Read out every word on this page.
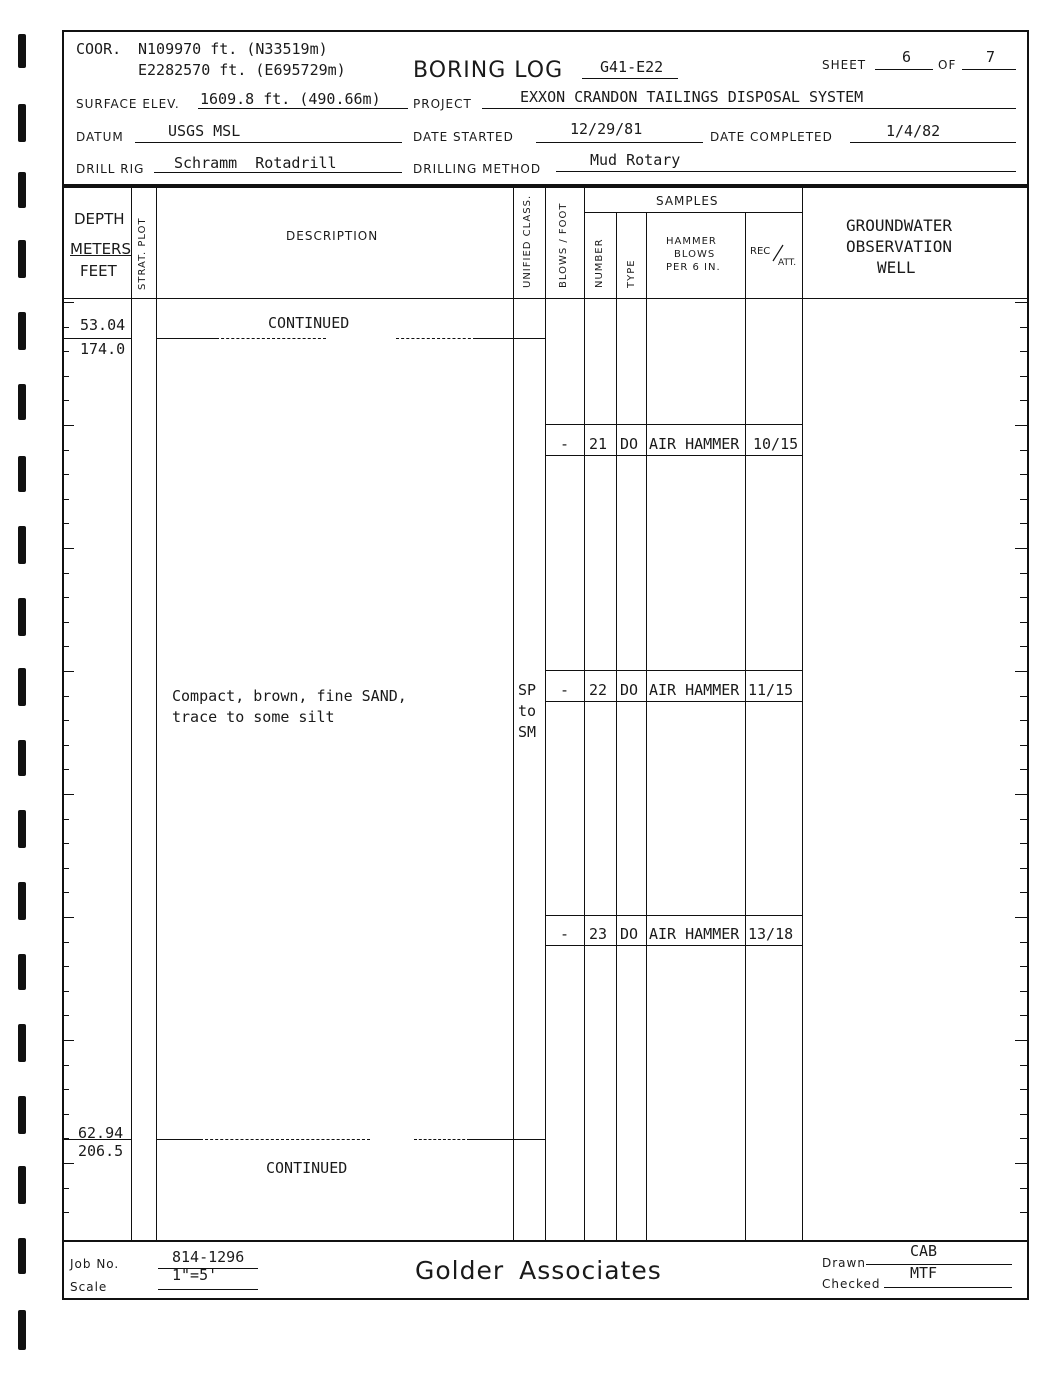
COOR. N109970 ft. (N33519m)
E2282570 ft. (E695729m)	BORING LOG G41-E22	SHEET 6 OF 7
SURFACE ELEV. 1609.8 ft. (490.66m)	PROJECT	EXXON CRANDON TAILINGS DISPOSAL SYSTEM
DATUM	USGS MSL	DATE STARTED	12/29/81	DATE COMPLETED	1/4/82
DRILL RIG Schramm  Rotadrill	DRILLING METHOD	Mud Rotary
DEPTH
METERS
FEET STRAT. PLOT	DESCRIPTION	UNIFIED CLASS.	BLOWS / FOOT
SAMPLES
NUMBER TYPE
HAMMER
BLOWS
PER 6 IN.
REC
ATT.
GROUNDWATER
OBSERVATION
WELL
53.04
174.0
CONTINUED
Compact, brown, fine SAND,
trace to some silt
SP
to
SM
- 21 DO AIR HAMMER 10/15
- 22 DO AIR HAMMER 11/15
- 23 DO AIR HAMMER 13/18
62.94
206.5
CONTINUED
Job No.	814-1296
Scale
1"=5'	Golder Associates	Drawn
CAB
Checked
MTF
